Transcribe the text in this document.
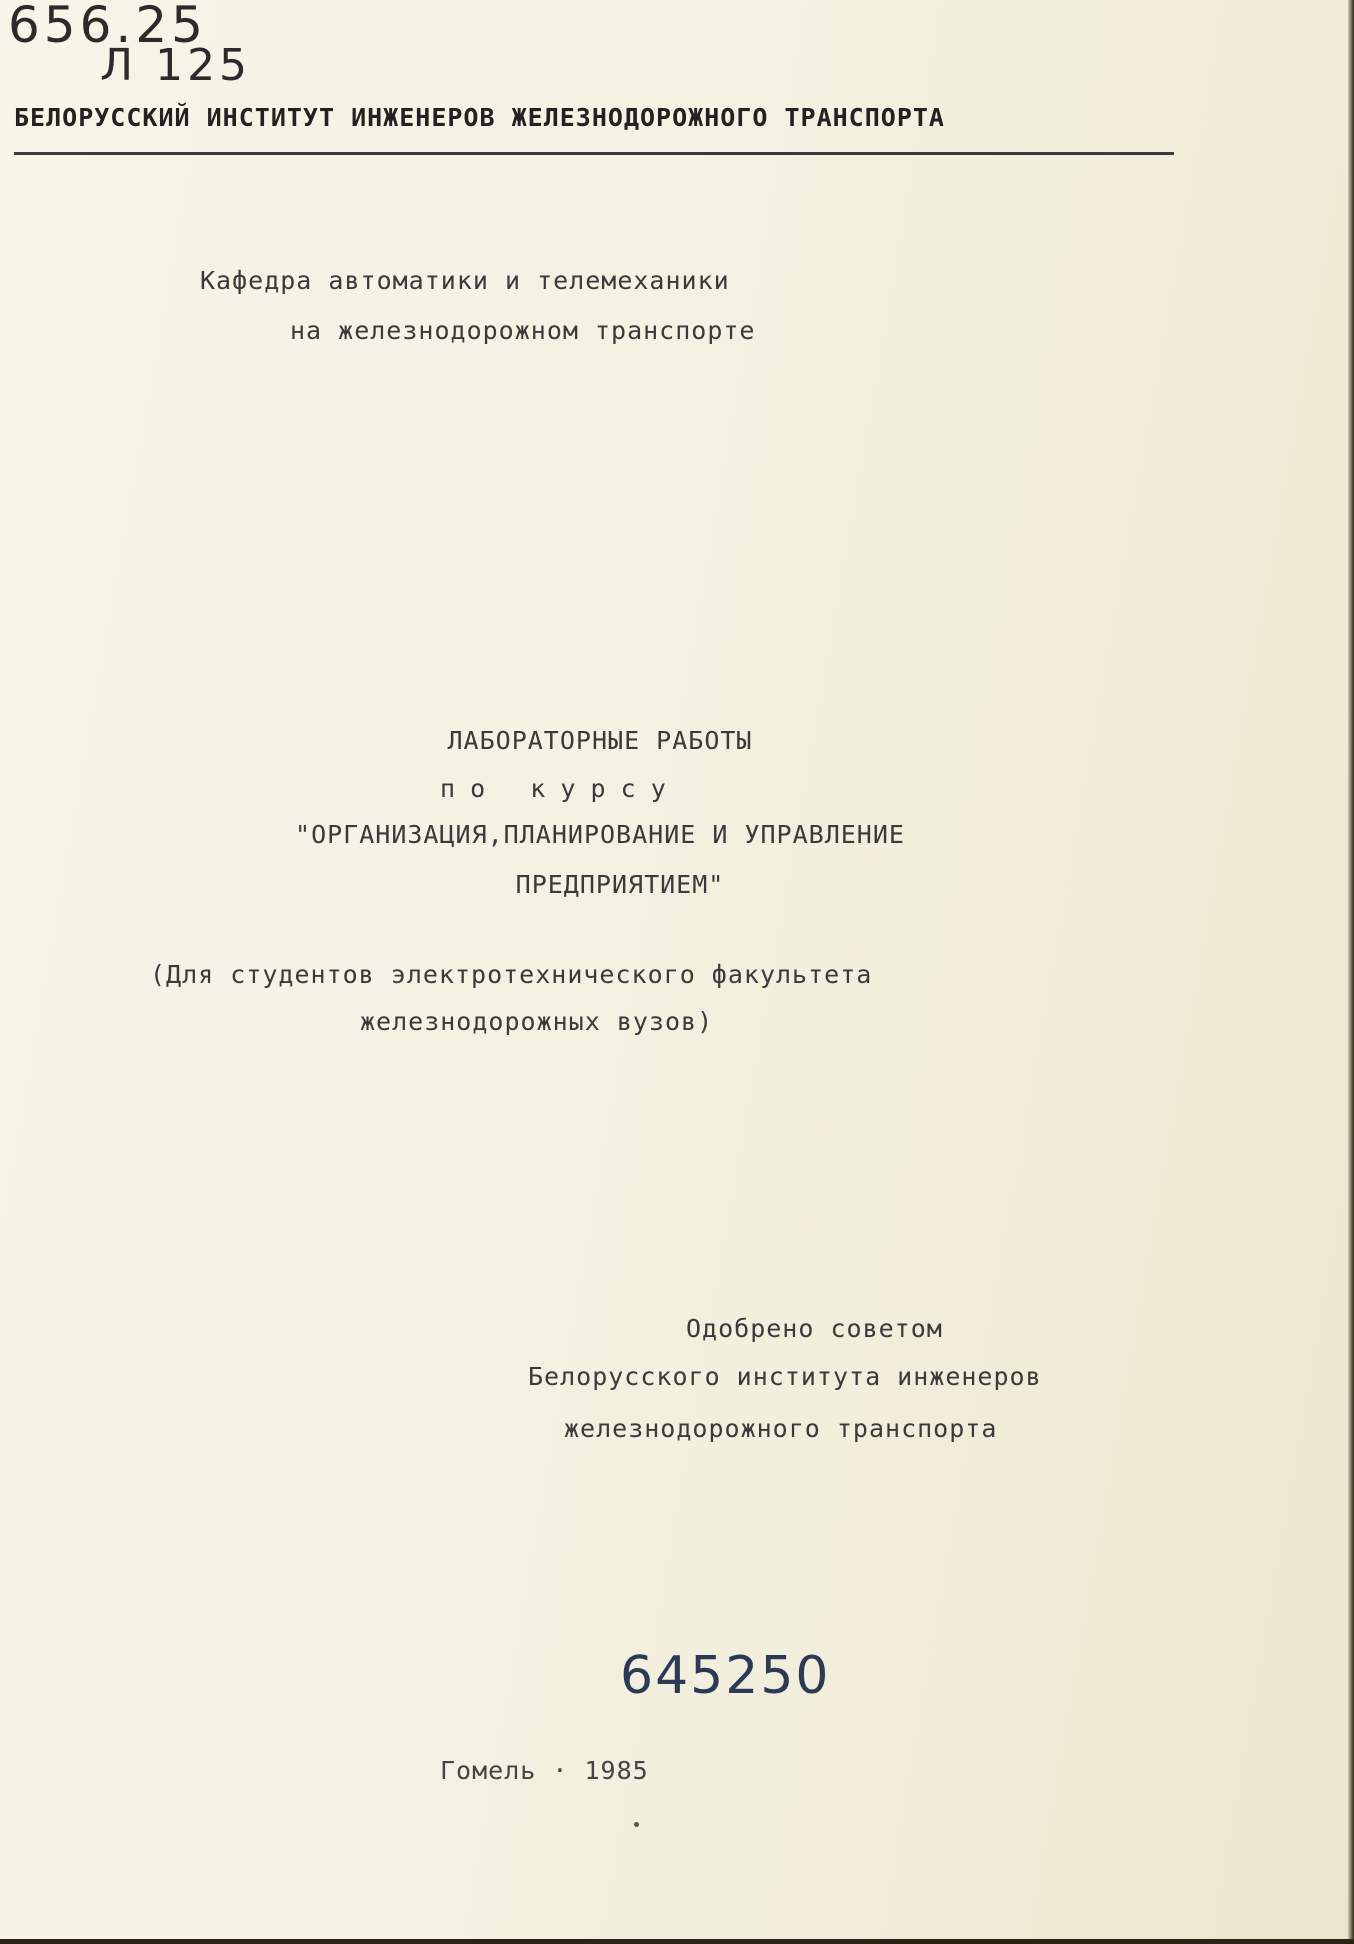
656.25
Л 125
БЕЛОРУССКИЙ ИНСТИТУТ ИНЖЕНЕРОВ ЖЕЛЕЗНОДОРОЖНОГО ТРАНСПОРТА
Кафедра автоматики и телемеханики
на железнодорожном транспорте
ЛАБОРАТОРНЫЕ РАБОТЫ
п о   к у р с у
"ОРГАНИЗАЦИЯ,ПЛАНИРОВАНИЕ И УПРАВЛЕНИЕ
ПРЕДПРИЯТИЕМ"
(Для студентов электротехнического факультета
железнодорожных вузов)
Одобрено советом
Белорусского института инженеров
железнодорожного транспорта
645250
Гомель · 1985
